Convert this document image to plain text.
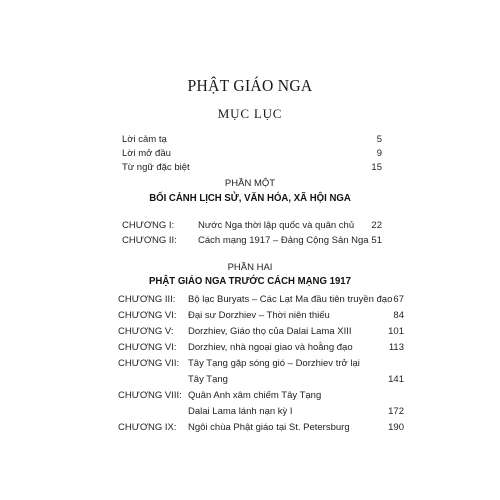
PHẬT GIÁO NGA
MỤC LỤC
Lời cảm tạ	5
Lời mở đầu	9
Từ ngữ đặc biệt	15
PHẦN MỘT
BỐI CẢNH LỊCH SỬ, VĂN HÓA, XÃ HỘI NGA
CHƯƠNG I:	Nước Nga thời lập quốc và quân chủ 22
CHƯƠNG II: Cách mạng 1917 – Đảng Cộng Sản Nga 51
PHẦN HAI
PHẬT GIÁO NGA TRƯỚC CÁCH MẠNG 1917
CHƯƠNG III: Bộ lạc Buryats – Các Lạt Ma đầu tiên truyền đạo 67
CHƯƠNG VI: Đại sư Dorzhiev – Thời niên thiếu	84
CHƯƠNG V: Dorzhiev, Giáo thọ của Dalai Lama XIII	101
CHƯƠNG VI: Dorzhiev, nhà ngoại giao và hoằng đạo	113
CHƯƠNG VII: Tây Tạng gặp sóng gió – Dorzhiev trở lại
Tây Tạng	141
CHƯƠNG VIII: Quân Anh xâm chiếm Tây Tạng
Dalai Lama lánh nạn kỳ I	172
CHƯƠNG IX: Ngôi chùa Phật giáo tại St. Petersburg	190
